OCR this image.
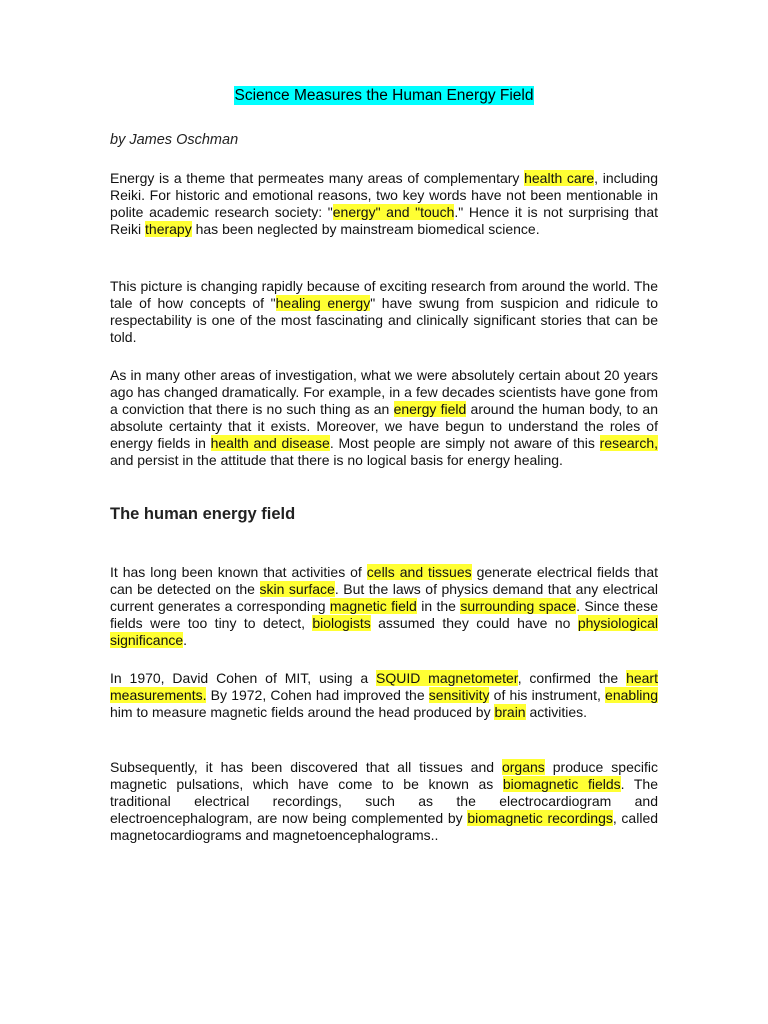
Science Measures the Human Energy Field
by James Oschman

Energy is a theme that permeates many areas of complementary health care, including Reiki. For historic and emotional reasons, two key words have not been mentionable in polite academic research society: "energy" and "touch." Hence it is not surprising that Reiki therapy has been neglected by mainstream biomedical science.

This picture is changing rapidly because of exciting research from around the world. The tale of how concepts of "healing energy" have swung from suspicion and ridicule to respectability is one of the most fascinating and clinically significant stories that can be told.

As in many other areas of investigation, what we were absolutely certain about 20 years ago has changed dramatically. For example, in a few decades scientists have gone from a conviction that there is no such thing as an energy field around the human body, to an absolute certainty that it exists. Moreover, we have begun to understand the roles of energy fields in health and disease. Most people are simply not aware of this research, and persist in the attitude that there is no logical basis for energy healing.

The human energy field

It has long been known that activities of cells and tissues generate electrical fields that can be detected on the skin surface. But the laws of physics demand that any electrical current generates a corresponding magnetic field in the surrounding space. Since these fields were too tiny to detect, biologists assumed they could have no physiological significance.

In 1970, David Cohen of MIT, using a SQUID magnetometer, confirmed the heart measurements. By 1972, Cohen had improved the sensitivity of his instrument, enabling him to measure magnetic fields around the head produced by brain activities.

Subsequently, it has been discovered that all tissues and organs produce specific magnetic pulsations, which have come to be known as biomagnetic fields. The traditional electrical recordings, such as the electrocardiogram and electroencephalogram, are now being complemented by biomagnetic recordings, called magnetocardiograms and magnetoencephalograms..
